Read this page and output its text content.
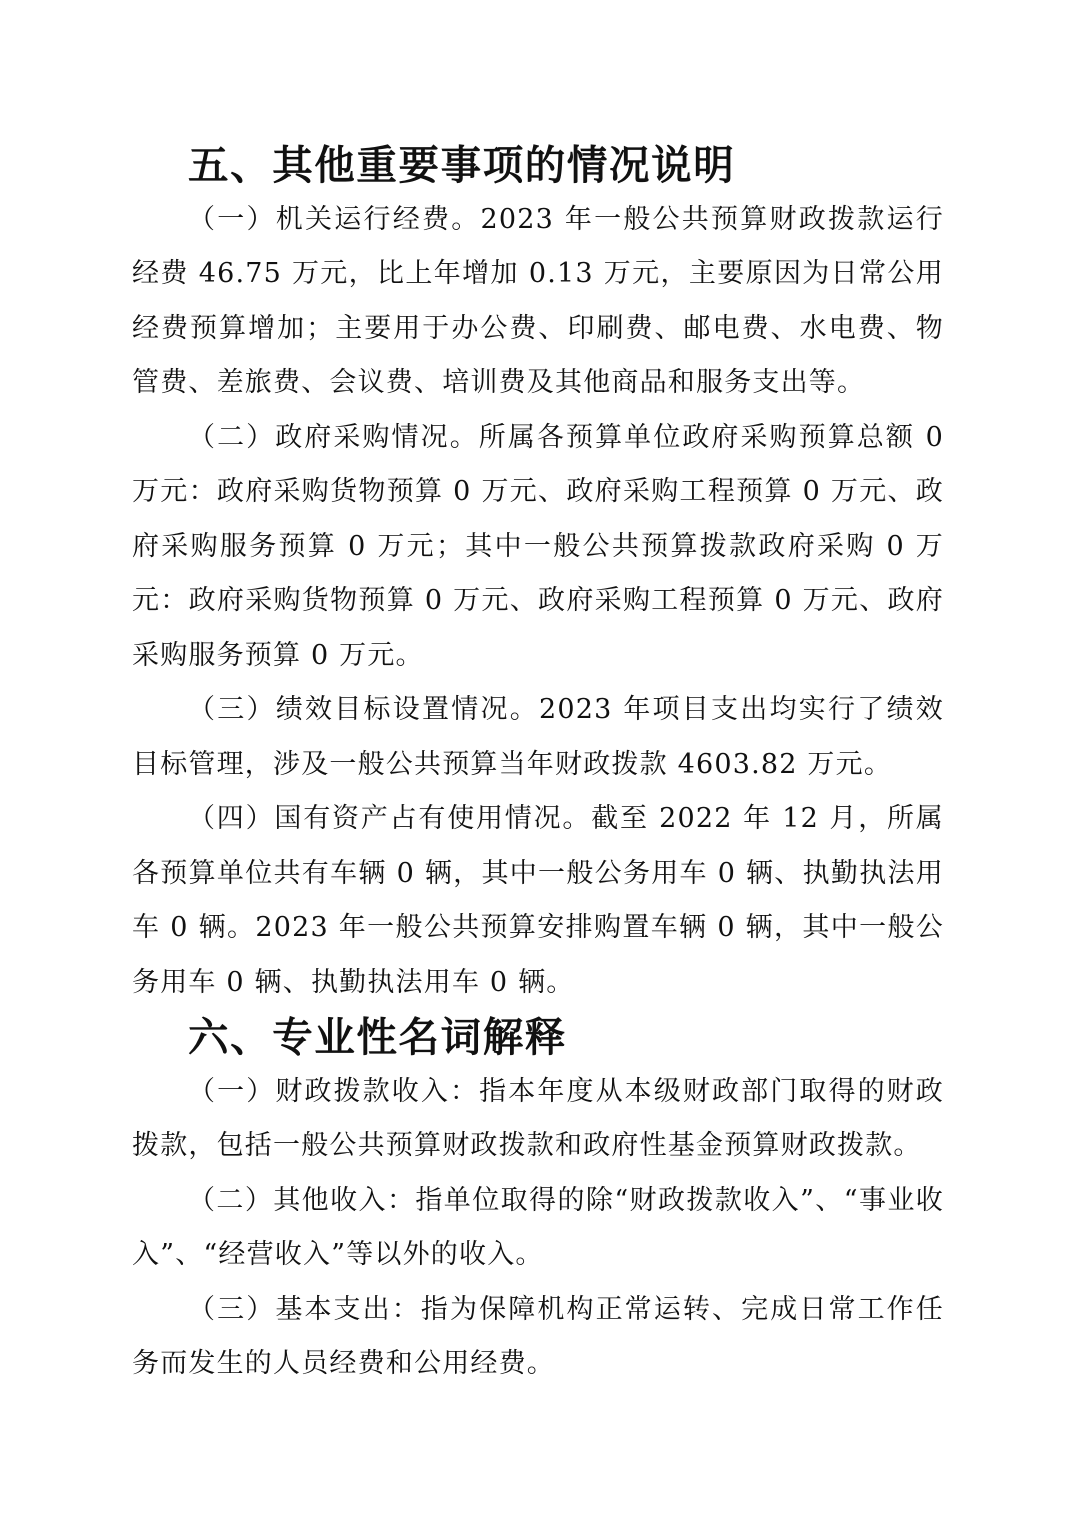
五、其他重要事项的情况说明

（一）机关运行经费。2023 年一般公共预算财政拨款运行经费 46.75 万元，比上年增加 0.13 万元，主要原因为日常公用经费预算增加；主要用于办公费、印刷费、邮电费、水电费、物管费、差旅费、会议费、培训费及其他商品和服务支出等。

（二）政府采购情况。所属各预算单位政府采购预算总额 0 万元：政府采购货物预算 0 万元、政府采购工程预算 0 万元、政府采购服务预算 0 万元；其中一般公共预算拨款政府采购 0 万元：政府采购货物预算 0 万元、政府采购工程预算 0 万元、政府采购服务预算 0 万元。

（三）绩效目标设置情况。2023 年项目支出均实行了绩效目标管理，涉及一般公共预算当年财政拨款 4603.82 万元。

（四）国有资产占有使用情况。截至 2022 年 12 月，所属各预算单位共有车辆 0 辆，其中一般公务用车 0 辆、执勤执法用车 0 辆。2023 年一般公共预算安排购置车辆 0 辆，其中一般公务用车 0 辆、执勤执法用车 0 辆。

六、专业性名词解释

（一）财政拨款收入：指本年度从本级财政部门取得的财政拨款，包括一般公共预算财政拨款和政府性基金预算财政拨款。

（二）其他收入：指单位取得的除“财政拨款收入”、“事业收入”、“经营收入”等以外的收入。

（三）基本支出：指为保障机构正常运转、完成日常工作任务而发生的人员经费和公用经费。
